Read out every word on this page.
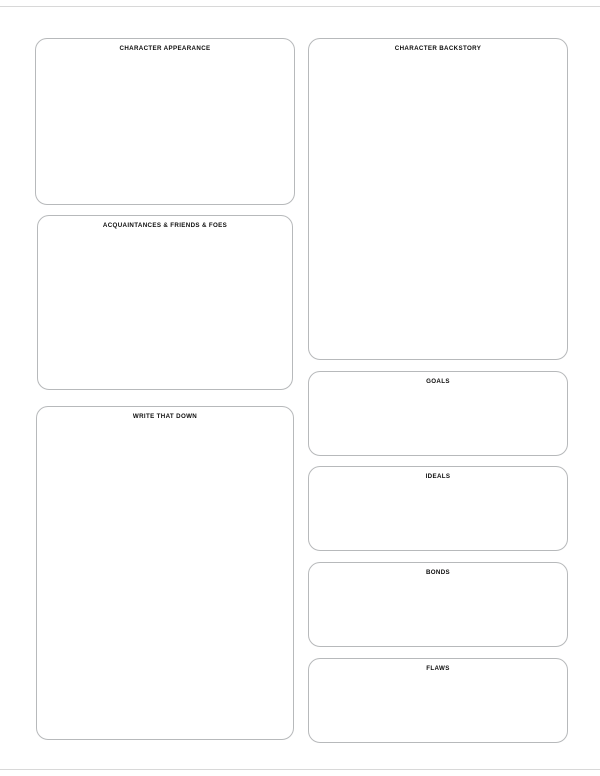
CHARACTER APPEARANCE
ACQUAINTANCES & FRIENDS & FOES
WRITE THAT DOWN
CHARACTER BACKSTORY
GOALS
IDEALS
BONDS
FLAWS
